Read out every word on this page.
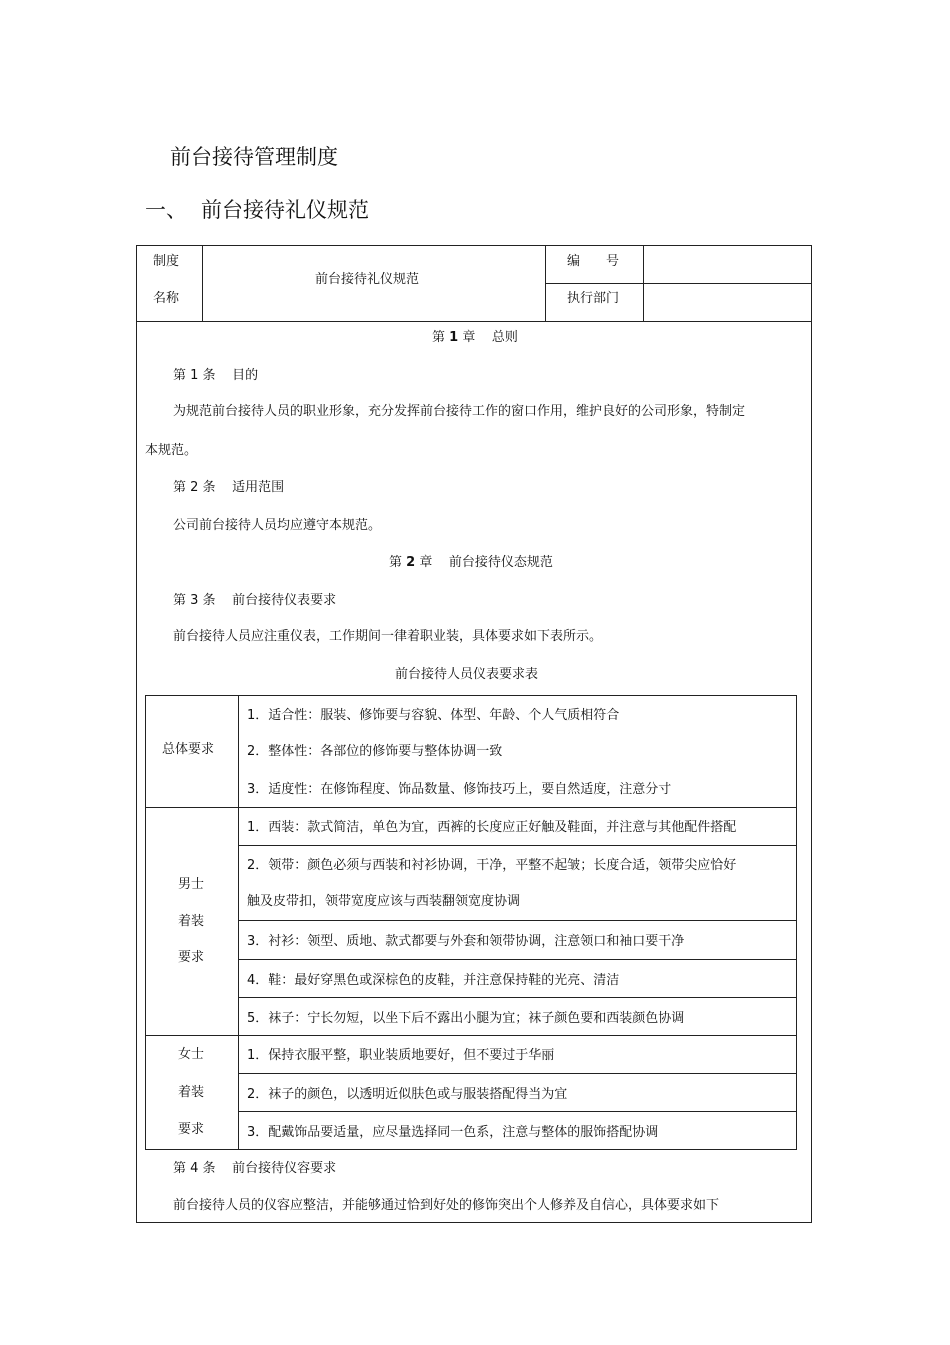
前台接待管理制度
一、 前台接待礼仪规范
制度
名称
前台接待礼仪规范
编　　号
执行部门
第 1 章 总则
第 1 条 目的
为规范前台接待人员的职业形象，充分发挥前台接待工作的窗口作用，维护良好的公司形象，特制定
本规范。
第 2 条 适用范围
公司前台接待人员均应遵守本规范。
第 2 章 前台接待仪态规范
第 3 条 前台接待仪表要求
前台接待人员应注重仪表，工作期间一律着职业装，具体要求如下表所示。
前台接待人员仪表要求表
总体要求
1．适合性：服装、修饰要与容貌、体型、年龄、个人气质相符合
2．整体性：各部位的修饰要与整体协调一致
3．适度性：在修饰程度、饰品数量、修饰技巧上，要自然适度，注意分寸
男士
着装
要求
1．西装：款式简洁，单色为宜，西裤的长度应正好触及鞋面，并注意与其他配件搭配
2．领带：颜色必须与西装和衬衫协调，干净，平整不起皱；长度合适，领带尖应恰好
触及皮带扣，领带宽度应该与西装翻领宽度协调
3．衬衫：领型、质地、款式都要与外套和领带协调，注意领口和袖口要干净
4．鞋：最好穿黑色或深棕色的皮鞋，并注意保持鞋的光亮、清洁
5．袜子：宁长勿短，以坐下后不露出小腿为宜；袜子颜色要和西装颜色协调
女士
着装
要求
1．保持衣服平整，职业装质地要好，但不要过于华丽
2．袜子的颜色，以透明近似肤色或与服装搭配得当为宜
3．配戴饰品要适量，应尽量选择同一色系，注意与整体的服饰搭配协调
第 4 条 前台接待仪容要求
前台接待人员的仪容应整洁，并能够通过恰到好处的修饰突出个人修养及自信心，具体要求如下
